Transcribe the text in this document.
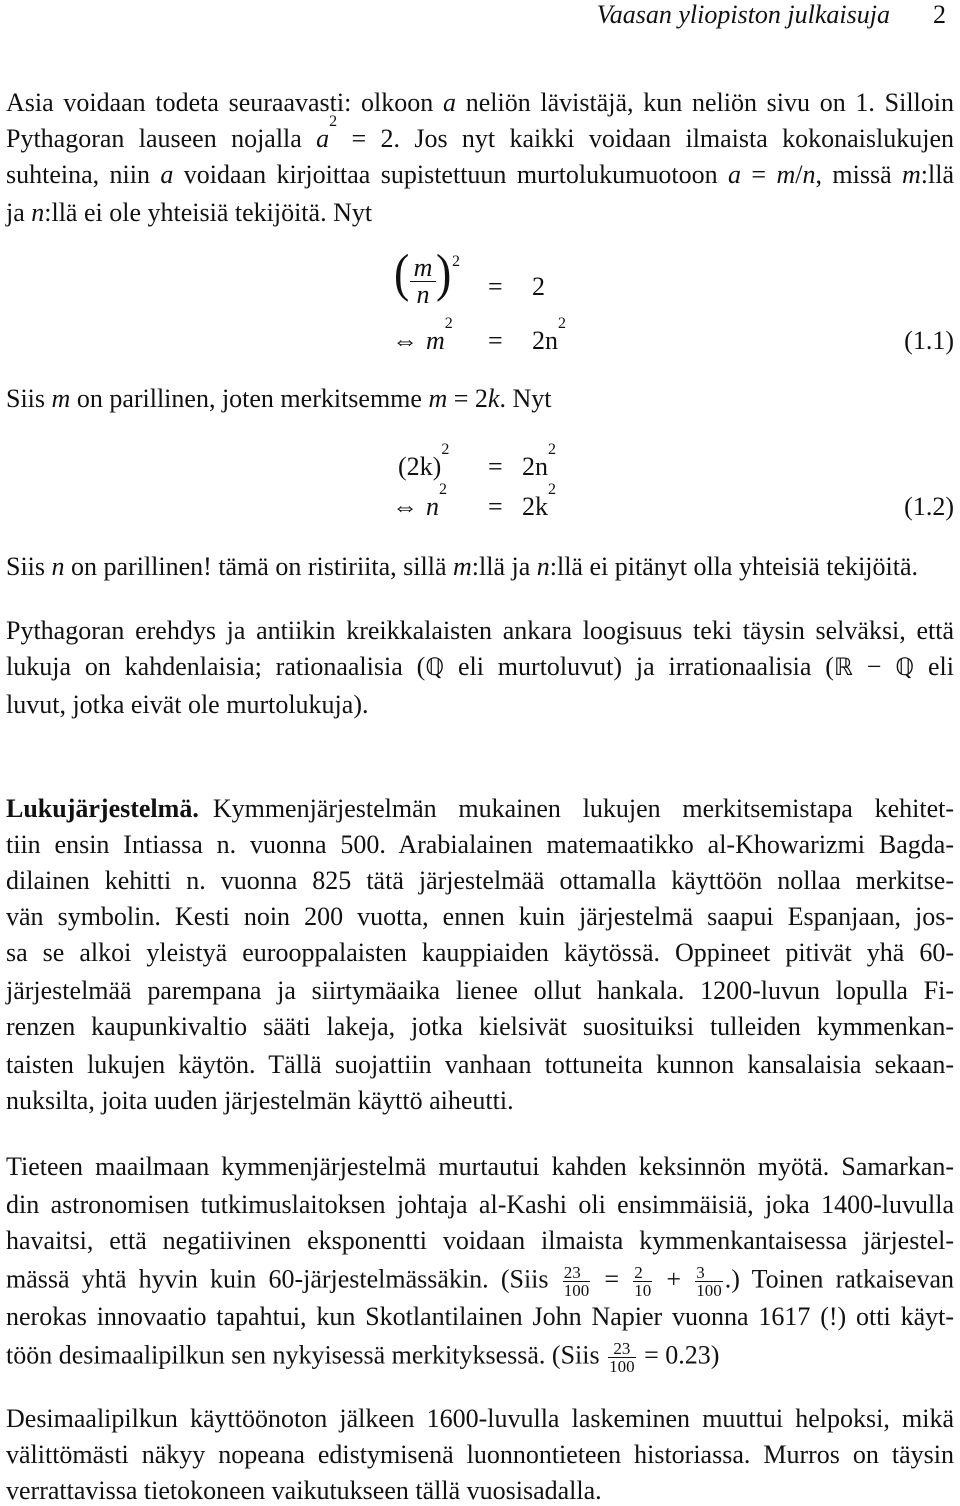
Vaasan yliopiston julkaisuja 2
Asia voidaan todeta seuraavasti: olkoon a neliön lävistäjä, kun neliön sivu on 1. Silloin
Pythagoran lauseen nojalla $a^2 = 2$. Jos nyt kaikki voidaan ilmaista kokonaislukujen
suhteina, niin a voidaan kirjoittaa supistettuun murtolukumuotoon a = m/n, missä m:llä
ja n:llä ei ole yhteisiä tekijöitä. Nyt
( m
n ) 2
= 2
⇔ $m^2$
= $2n^2$
(1.1)
Siis m on parillinen, joten merkitsemme m = 2k. Nyt
$(2k)^2$
= $2n^2$
⇔ $n^2$
= $2k^2$
(1.2)
Siis n on parillinen! tämä on ristiriita, sillä m:llä ja n:llä ei pitänyt olla yhteisiä tekijöitä.
Pythagoran erehdys ja antiikin kreikkalaisten ankara loogisuus teki täysin selväksi, että
lukuja on kahdenlaisia; rationaalisia (ℚ eli murtoluvut) ja irrationaalisia (ℝ − ℚ eli
luvut, jotka eivät ole murtolukuja).
Lukujärjestelmä. Kymmenjärjestelmän mukainen lukujen merkitsemistapa kehitet-
tiin ensin Intiassa n. vuonna 500. Arabialainen matemaatikko al-Khowarizmi Bagda-
dilainen kehitti n. vuonna 825 tätä järjestelmää ottamalla käyttöön nollaa merkitse-
vän symbolin. Kesti noin 200 vuotta, ennen kuin järjestelmä saapui Espanjaan, jos-
sa se alkoi yleistyä eurooppalaisten kauppiaiden käytössä. Oppineet pitivät yhä 60-
järjestelmää parempana ja siirtymäaika lienee ollut hankala. 1200-luvun lopulla Fi-
renzen kaupunkivaltio sääti lakeja, jotka kielsivät suosituiksi tulleiden kymmenkan-
taisten lukujen käytön. Tällä suojattiin vanhaan tottuneita kunnon kansalaisia sekaan-
nuksilta, joita uuden järjestelmän käyttö aiheutti.
Tieteen maailmaan kymmenjärjestelmä murtautui kahden keksinnön myötä. Samarkan-
din astronomisen tutkimuslaitoksen johtaja al-Kashi oli ensimmäisiä, joka 1400-luvulla
havaitsi, että negatiivinen eksponentti voidaan ilmaista kymmenkantaisessa järjestel-
mässä yhtä hyvin kuin 60-järjestelmässäkin. (Siis $\frac{23}{100} = \frac{2}{10} + \frac{3}{100}$ .) Toinen ratkaisevan
nerokas innovaatio tapahtui, kun Skotlantilainen John Napier vuonna 1617 (!) otti käyt-
töön desimaalipilkun sen nykyisessä merkityksessä. (Siis $\frac{23}{100} = 0.23$)
Desimaalipilkun käyttöönoton jälkeen 1600-luvulla laskeminen muuttui helpoksi, mikä
välittömästi näkyy nopeana edistymisenä luonnontieteen historiassa. Murros on täysin
verrattavissa tietokoneen vaikutukseen tällä vuosisadalla.
